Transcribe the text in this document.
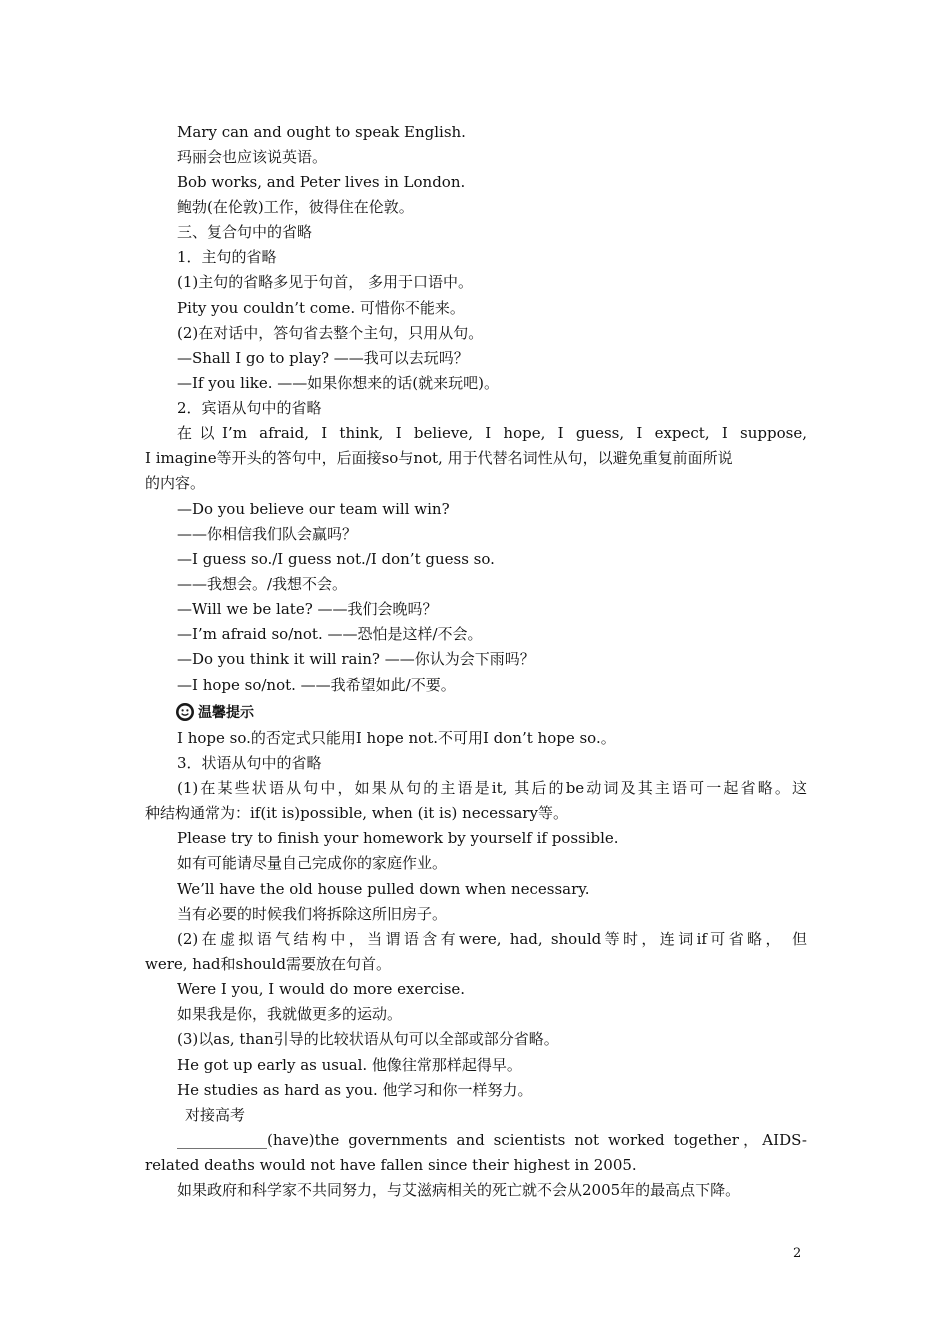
Mary can and ought to speak English.
玛丽会也应该说英语。
Bob works, and Peter lives in London.
鲍勃(在伦敦)工作，彼得住在伦敦。
三、复合句中的省略
1．主句的省略
(1)主句的省略多见于句首， 多用于口语中。
Pity you couldn’t come. 可惜你不能来。
(2)在对话中，答句省去整个主句，只用从句。
—Shall I go to play? ——我可以去玩吗？
—If you like. ——如果你想来的话(就来玩吧)。
2．宾语从句中的省略
在以I’m afraid, I think, I believe, I hope, I guess, I expect, I suppose,
I imagine等开头的答句中，后面接so与not, 用于代替名词性从句，以避免重复前面所说
的内容。
—Do you believe our team will win?
——你相信我们队会赢吗？
—I guess so./I guess not./I don’t guess so.
——我想会。/我想不会。
—Will we be late? ——我们会晚吗？
—I’m afraid so/not. ——恐怕是这样/不会。
—Do you think it will rain? ——你认为会下雨吗？
—I hope so/not. ——我希望如此/不要。
温馨提示
I hope so.的否定式只能用I hope not.不可用I don’t hope so.。
3．状语从句中的省略
(1)在某些状语从句中，如果从句的主语是it, 其后的be动词及其主语可一起省略。这
种结构通常为：if(it is)possible, when (it is) necessary等。
Please try to finish your homework by yourself if possible.
如有可能请尽量自己完成你的家庭作业。
We’ll have the old house pulled down when necessary.
当有必要的时候我们将拆除这所旧房子。
(2)在虚拟语气结构中，当谓语含有were, had, should等时，连词if可省略， 但
were, had和should需要放在句首。
Were I you, I would do more exercise.
如果我是你，我就做更多的运动。
(3)以as, than引导的比较状语从句可以全部或部分省略。
He got up early as usual. 他像往常那样起得早。
He studies as hard as you. 他学习和你一样努力。
对接高考
____________(have)the governments and scientists not worked together，AIDS-
related deaths would not have fallen since their highest in 2005.
如果政府和科学家不共同努力，与艾滋病相关的死亡就不会从2005年的最高点下降。
2
